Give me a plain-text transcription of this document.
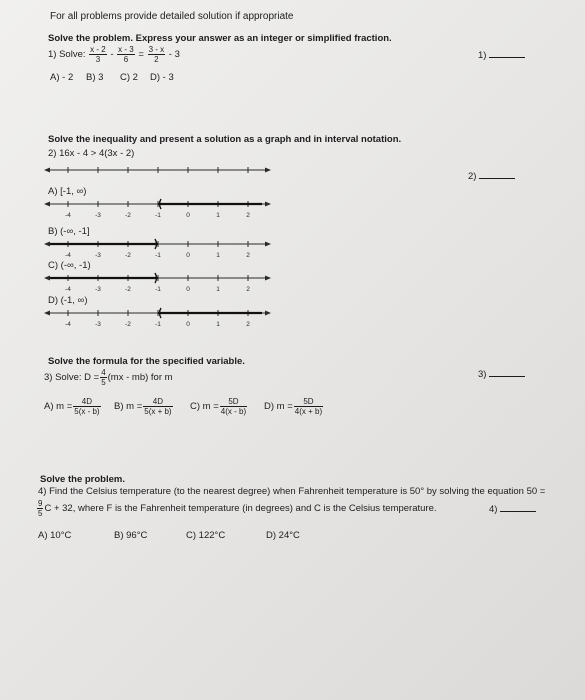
For all problems provide detailed solution if appropriate
Solve the problem. Express your answer as an integer or simplified fraction.
1) Solve: $\frac{x - 2}{3} - \frac{x - 3}{6} = \frac{3 - x}{2} - 3$	1)
A) - 2 B) 3 C) 2 D) - 3
Solve the inequality and present a solution as a graph and in interval notation.
2) 16x - 4 > 4(3x - 2)
2)
A) [-1, ∞)
-4	-3	-2	-1	0	1	2
B) (-∞, -1]
-4	-3	-2	-1	0	1	2
C) (-∞, -1)
-4	-3	-2	-1	0	1	2
D) (-1, ∞)
-4	-3	-2	-1	0	1	2
Solve the formula for the specified variable.
3) Solve: $D = \frac{4}{5} (mx - mb)$ for m	3)
A) $m = \frac{4D}{5(x - b)} B$) $m = \frac{4D}{5(x + b)} C$) $m = \frac{5D}{4(x - b)} D$) $m = \frac{5D}{4(x + b)}$
Solve the problem.
4) Find the Celsius temperature (to the nearest degree) when Fahrenheit temperature is 50° by solving the equation 50 =
$\frac{9}{5}$ C + 32, where F is the Fahrenheit temperature (in degrees) and C is the Celsius temperature.	4)
A) 10°C	B) 96°C	C) 122°C	D) 24°C
